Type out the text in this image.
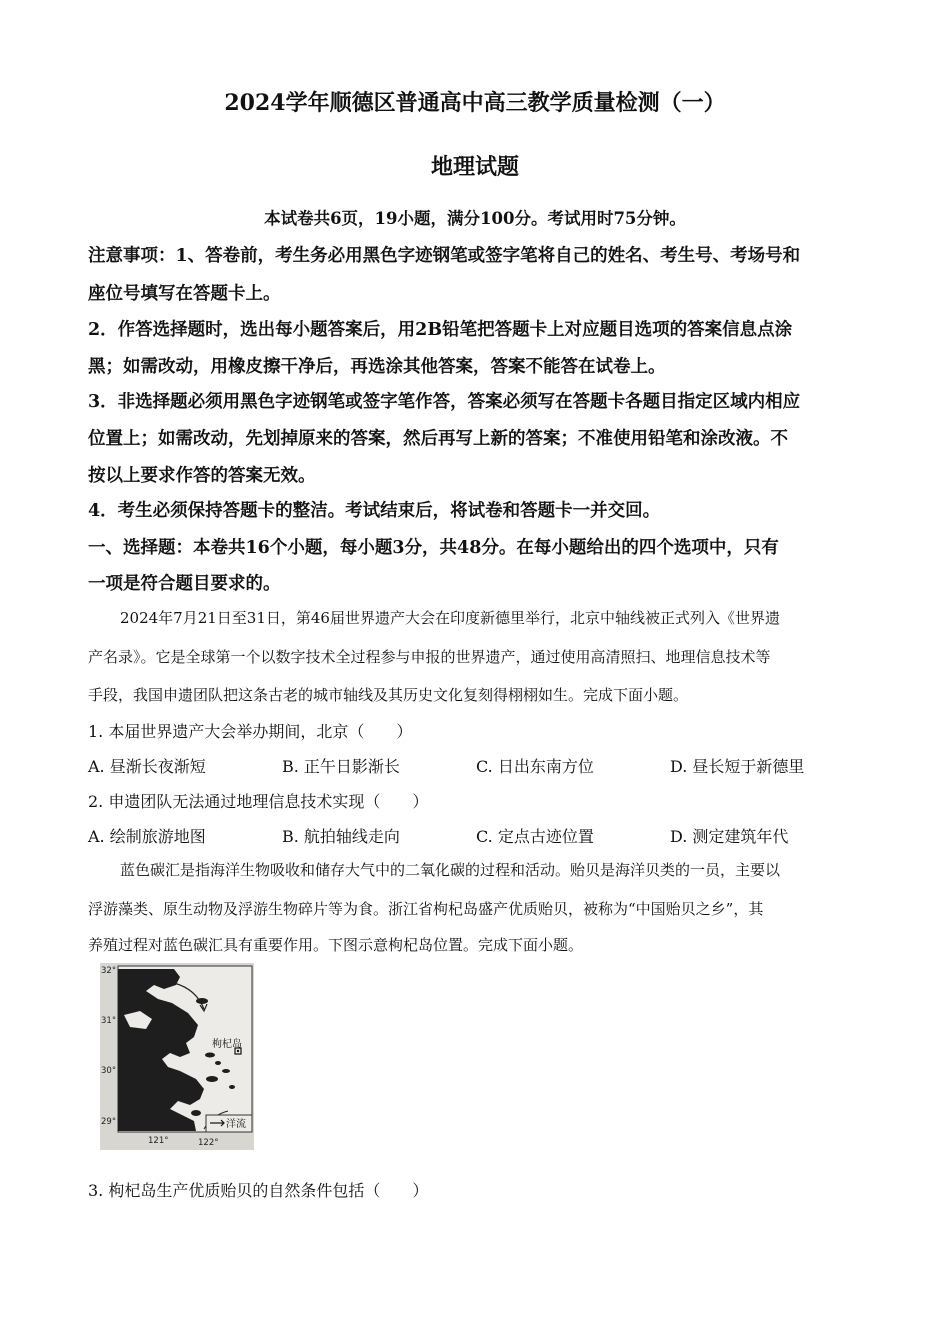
2024学年顺德区普通高中高三教学质量检测（一）
地理试题
本试卷共6页，19小题，满分100分。考试用时75分钟。
注意事项：1、答卷前，考生务必用黑色字迹钢笔或签字笔将自己的姓名、考生号、考场号和
座位号填写在答题卡上。
2．作答选择题时，选出每小题答案后，用2B铅笔把答题卡上对应题目选项的答案信息点涂
黑；如需改动，用橡皮擦干净后，再选涂其他答案，答案不能答在试卷上。
3．非选择题必须用黑色字迹钢笔或签字笔作答，答案必须写在答题卡各题目指定区域内相应
位置上；如需改动，先划掉原来的答案，然后再写上新的答案；不准使用铅笔和涂改液。不
按以上要求作答的答案无效。
4．考生必须保持答题卡的整洁。考试结束后，将试卷和答题卡一并交回。
一、选择题：本卷共16个小题，每小题3分，共48分。在每小题给出的四个选项中，只有
一项是符合题目要求的。
2024年7月21日至31日，第46届世界遗产大会在印度新德里举行，北京中轴线被正式列入《世界遗
产名录》。它是全球第一个以数字技术全过程参与申报的世界遗产，通过使用高清照扫、地理信息技术等
手段，我国申遗团队把这条古老的城市轴线及其历史文化复刻得栩栩如生。完成下面小题。
1. 本届世界遗产大会举办期间，北京（　　）
A. 昼渐长夜渐短	B. 正午日影渐长	C. 日出东南方位	D. 昼长短于新德里
2. 申遗团队无法通过地理信息技术实现（　　）
A. 绘制旅游地图	B. 航拍轴线走向	C. 定点古迹位置	D. 测定建筑年代
蓝色碳汇是指海洋生物吸收和储存大气中的二氧化碳的过程和活动。贻贝是海洋贝类的一员，主要以
浮游藻类、原生动物及浮游生物碎片等为食。浙江省枸杞岛盛产优质贻贝，被称为“中国贻贝之乡”，其
养殖过程对蓝色碳汇具有重要作用。下图示意枸杞岛位置。完成下面小题。
洋流
32°
31°
30°
29°
121°	122°
枸杞岛
3. 枸杞岛生产优质贻贝的自然条件包括（　　）
